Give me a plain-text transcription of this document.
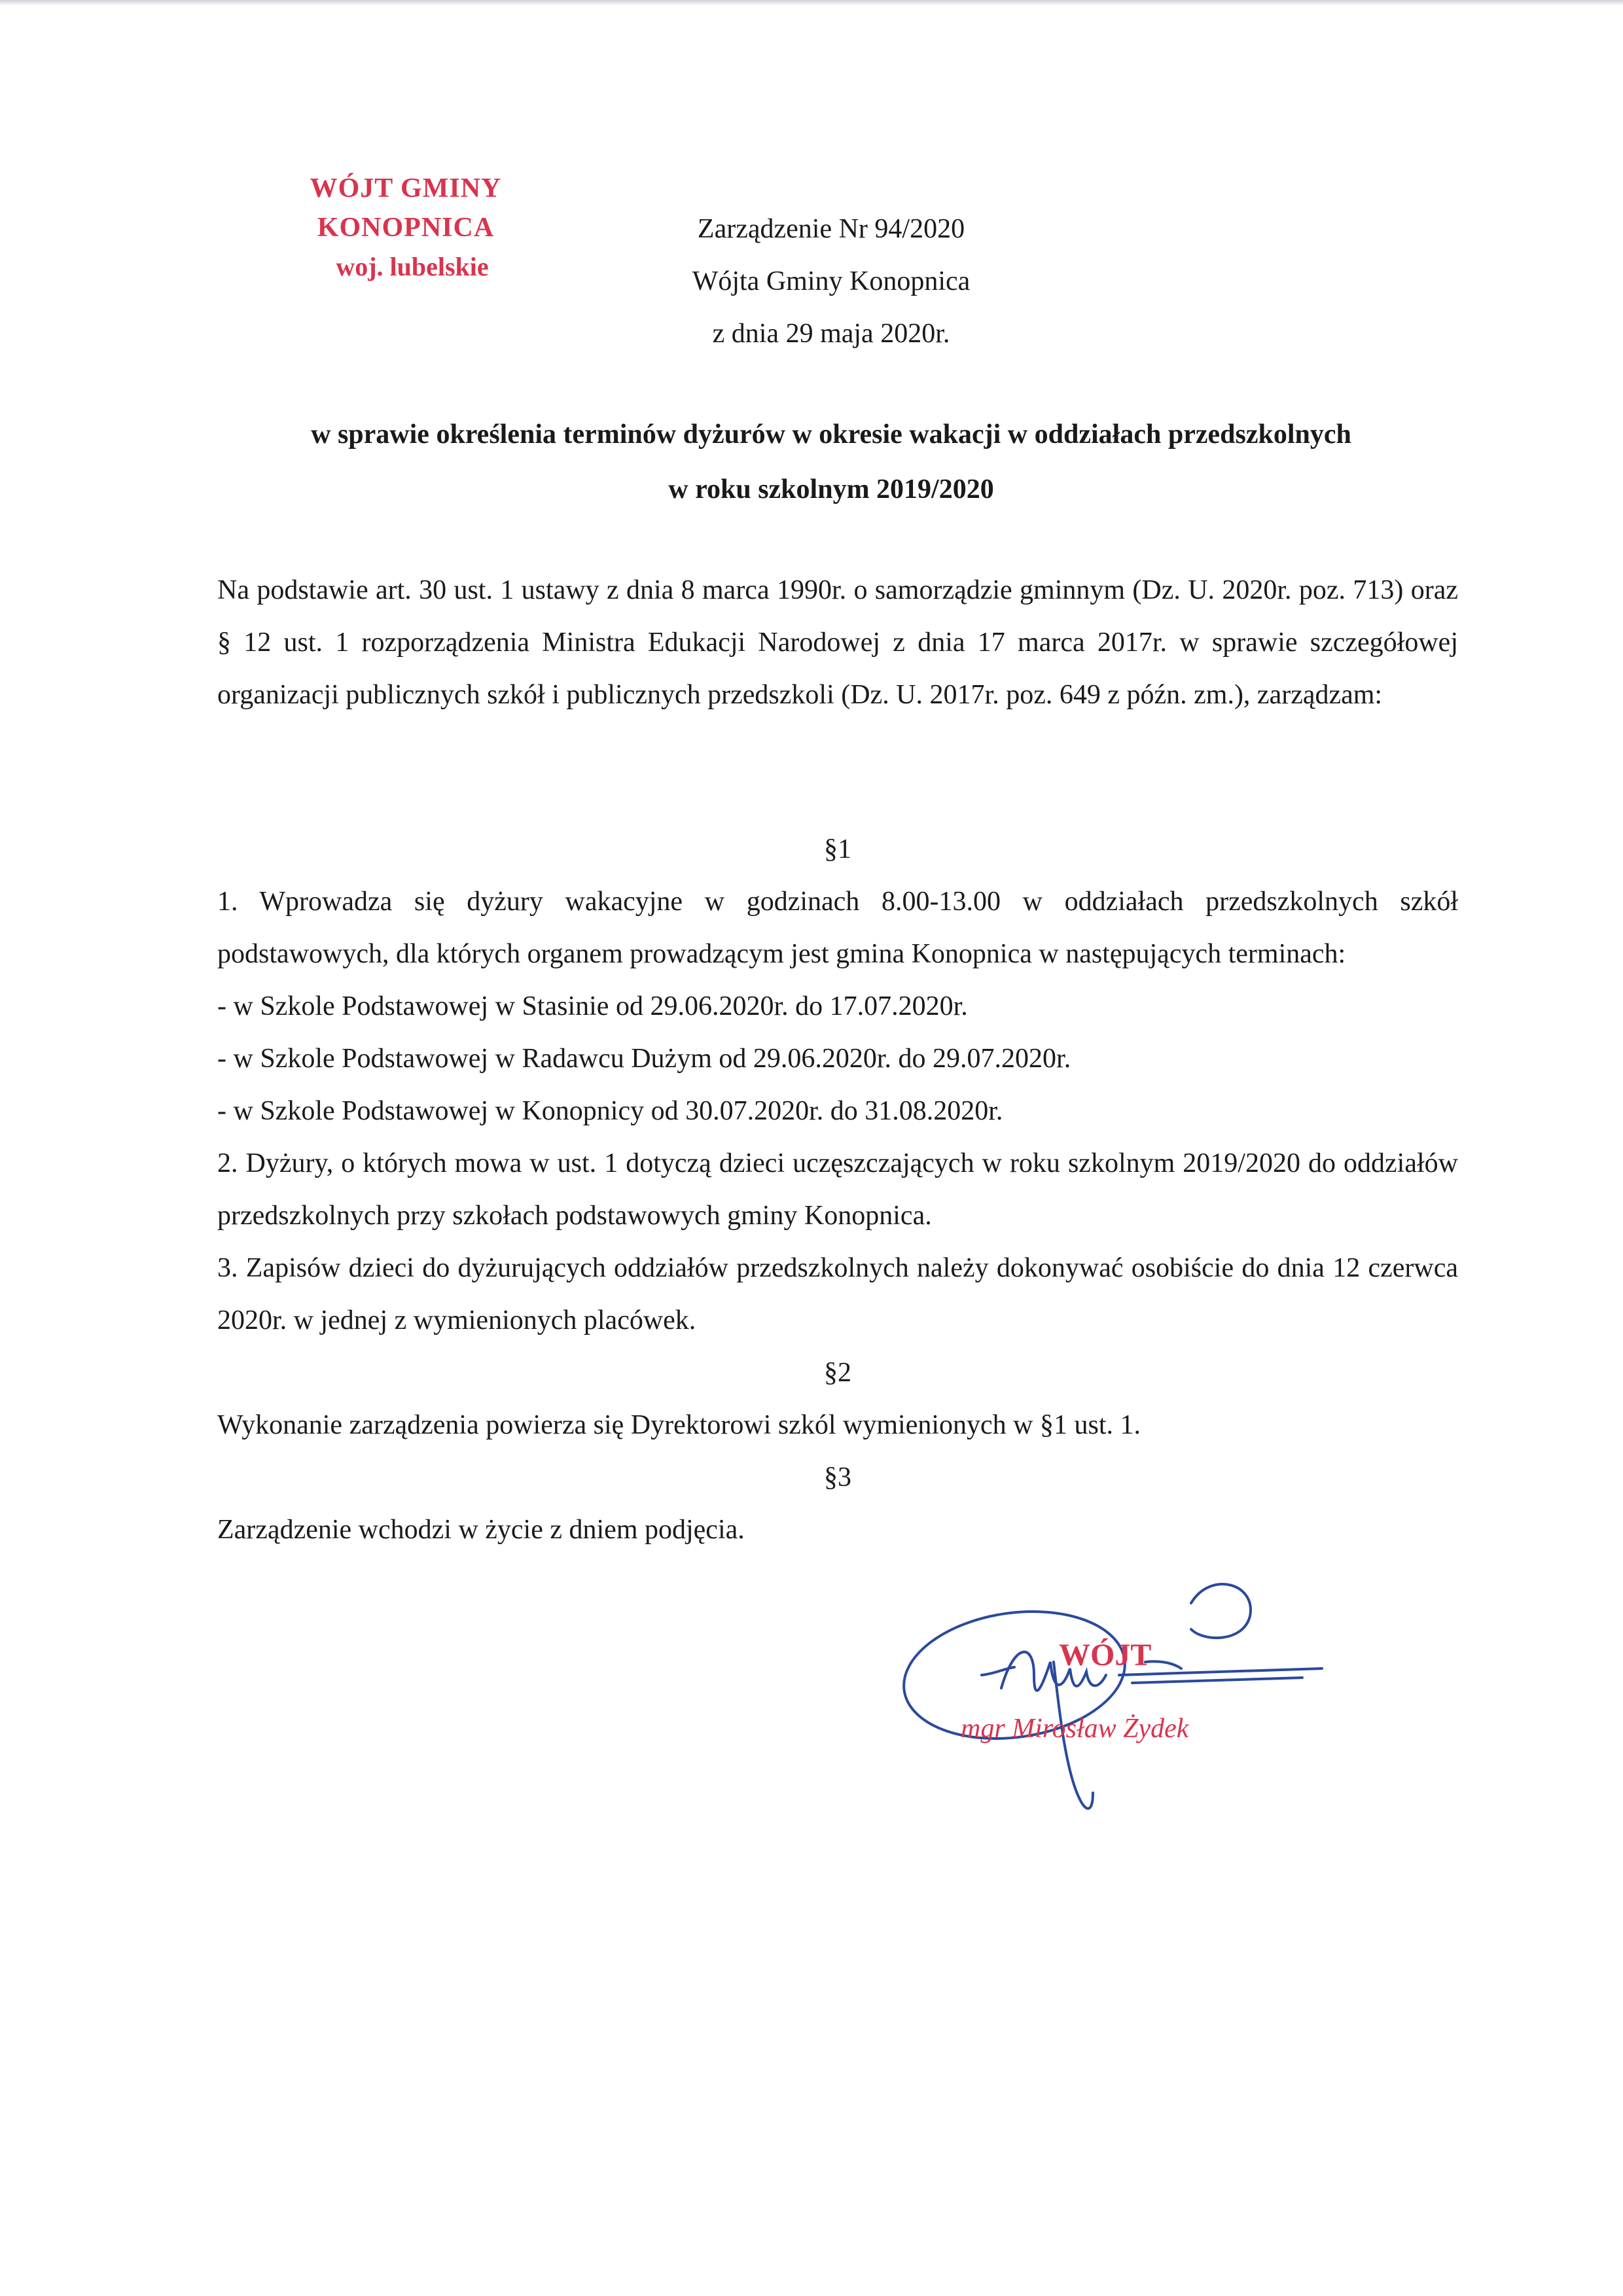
WÓJT GMINY
KONOPNICA
woj. lubelskie
Zarządzenie Nr 94/2020
Wójta Gminy Konopnica
z dnia 29 maja 2020r.
w sprawie określenia terminów dyżurów w okresie wakacji w oddziałach przedszkolnych
w roku szkolnym 2019/2020
Na podstawie art. 30 ust. 1 ustawy z dnia 8 marca 1990r. o samorządzie gminnym (Dz. U. 2020r. poz. 713) oraz § 12 ust. 1 rozporządzenia Ministra Edukacji Narodowej z dnia 17 marca 2017r. w sprawie szczegółowej organizacji publicznych szkół i publicznych przedszkoli (Dz. U. 2017r. poz. 649 z późn. zm.), zarządzam:
§1
1. Wprowadza się dyżury wakacyjne w godzinach 8.00-13.00 w oddziałach przedszkolnych szkół podstawowych, dla których organem prowadzącym jest gmina Konopnica w następujących terminach:
- w Szkole Podstawowej w Stasinie od 29.06.2020r. do 17.07.2020r.
- w Szkole Podstawowej w Radawcu Dużym od 29.06.2020r. do 29.07.2020r.
- w Szkole Podstawowej w Konopnicy od 30.07.2020r. do 31.08.2020r.
2. Dyżury, o których mowa w ust. 1 dotyczą dzieci uczęszczających w roku szkolnym 2019/2020 do oddziałów przedszkolnych przy szkołach podstawowych gminy Konopnica.
3. Zapisów dzieci do dyżurujących oddziałów przedszkolnych należy dokonywać osobiście do dnia 12 czerwca 2020r. w jednej z wymienionych placówek.
§2
Wykonanie zarządzenia powierza się Dyrektorowi szkól wymienionych w §1 ust. 1.
§3
Zarządzenie wchodzi w życie z dniem podjęcia.
WÓJT
mgr Mirosław Żydek
